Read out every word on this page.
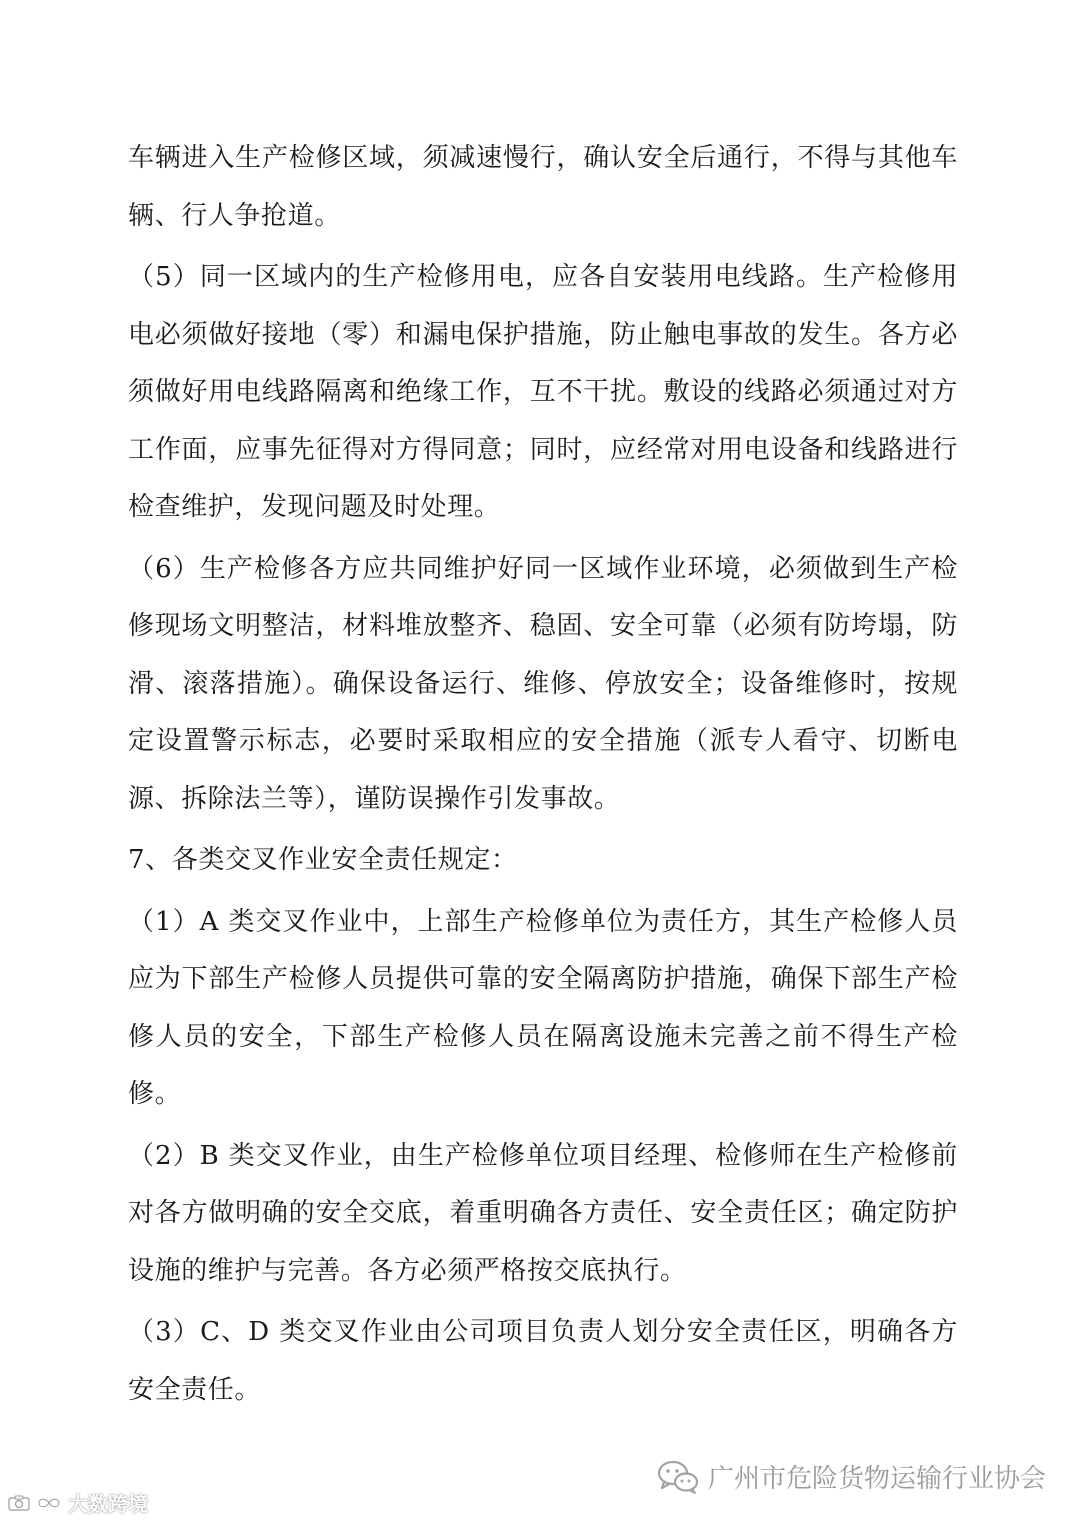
车辆进入生产检修区域，须减速慢行，确认安全后通行，不得与其他车辆、行人争抢道。

（5）同一区域内的生产检修用电，应各自安装用电线路。生产检修用电必须做好接地（零）和漏电保护措施，防止触电事故的发生。各方必须做好用电线路隔离和绝缘工作，互不干扰。敷设的线路必须通过对方工作面，应事先征得对方得同意；同时，应经常对用电设备和线路进行检查维护，发现问题及时处理。

（6）生产检修各方应共同维护好同一区域作业环境，必须做到生产检修现场文明整洁，材料堆放整齐、稳固、安全可靠（必须有防垮塌，防滑、滚落措施）。确保设备运行、维修、停放安全；设备维修时，按规定设置警示标志，必要时采取相应的安全措施（派专人看守、切断电源、拆除法兰等），谨防误操作引发事故。

7、各类交叉作业安全责任规定：

（1）A 类交叉作业中，上部生产检修单位为责任方，其生产检修人员应为下部生产检修人员提供可靠的安全隔离防护措施，确保下部生产检修人员的安全，下部生产检修人员在隔离设施未完善之前不得生产检修。

（2）B 类交叉作业，由生产检修单位项目经理、检修师在生产检修前对各方做明确的安全交底，着重明确各方责任、安全责任区；确定防护设施的维护与完善。各方必须严格按交底执行。

（3）C、D 类交叉作业由公司项目负责人划分安全责任区，明确各方安全责任。

广州市危险货物运输行业协会
大数跨境
